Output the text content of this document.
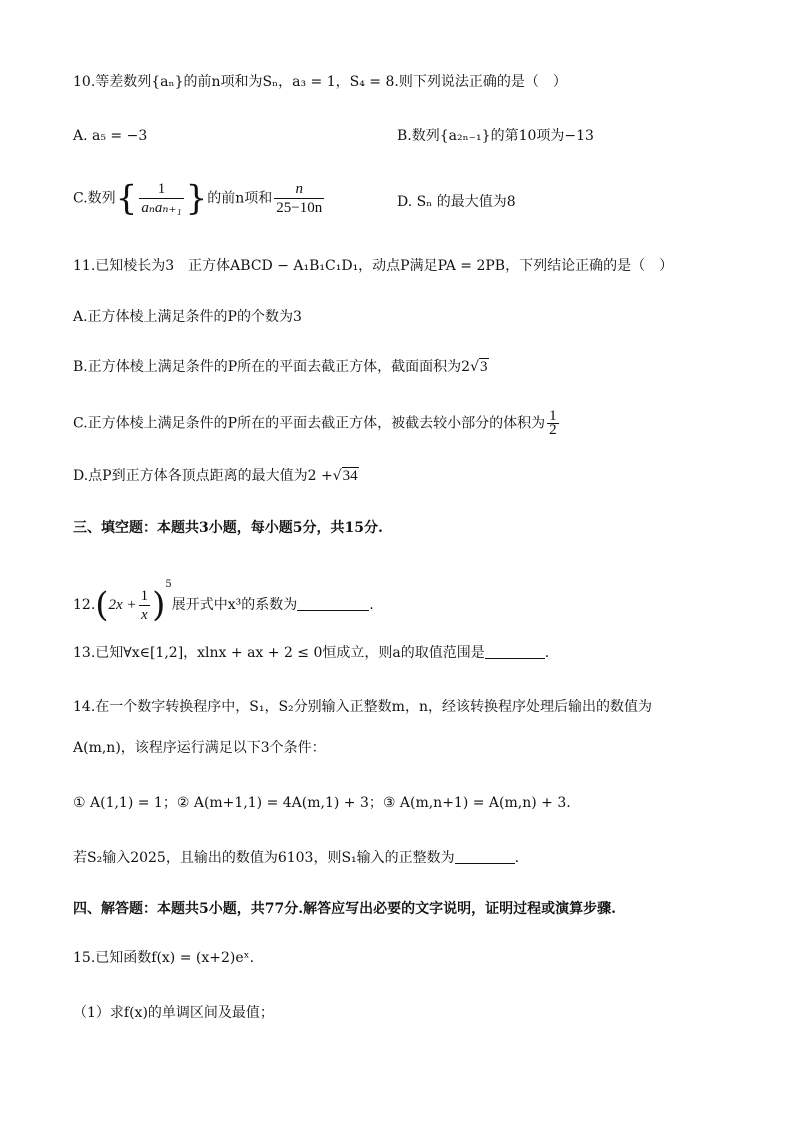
10.等差数列{aₙ}的前n项和为Sₙ，a₃ = 1，S₄ = 8.则下列说法正确的是（　）
A. a₅ = −3	B.数列{a₂ₙ₋₁}的第10项为−13
C.数列{ $\frac{1}{\text{aₙaₙ₊₁}}$ }的前n项和 $\frac{n}{25-10n}$	D. Sₙ 的最大值为8
11.已知棱长为3　正方体ABCD − A₁B₁C₁D₁，动点P满足PA = 2PB，下列结论正确的是（　）
A.正方体棱上满足条件的P的个数为3
B.正方体棱上满足条件的P所在的平面去截正方体，截面面积为2√3
C.正方体棱上满足条件的P所在的平面去截正方体，被截去较小部分的体积为 $\frac{1}{2}$
D.点P到正方体各顶点距离的最大值为2 +√34
三、填空题：本题共3小题，每小题5分，共15分.
$12.(2x + \frac{1}{x} )^5$展开式中x³的系数为	.
13.已知∀x∈[1,2]，xlnx + ax + 2 ≤ 0恒成立，则a的取值范围是	.
14.在一个数字转换程序中，S₁，S₂分别输入正整数m，n，经该转换程序处理后输出的数值为
A(m,n)，该程序运行满足以下3个条件：
① A(1,1) = 1；② A(m+1,1) = 4A(m,1) + 3；③ A(m,n+1) = A(m,n) + 3.
若S₂输入2025，且输出的数值为6103，则S₁输入的正整数为	.
四、解答题：本题共5小题，共77分.解答应写出必要的文字说明，证明过程或演算步骤.
15.已知函数f(x) = (x+2)eˣ.
（1）求f(x)的单调区间及最值；
